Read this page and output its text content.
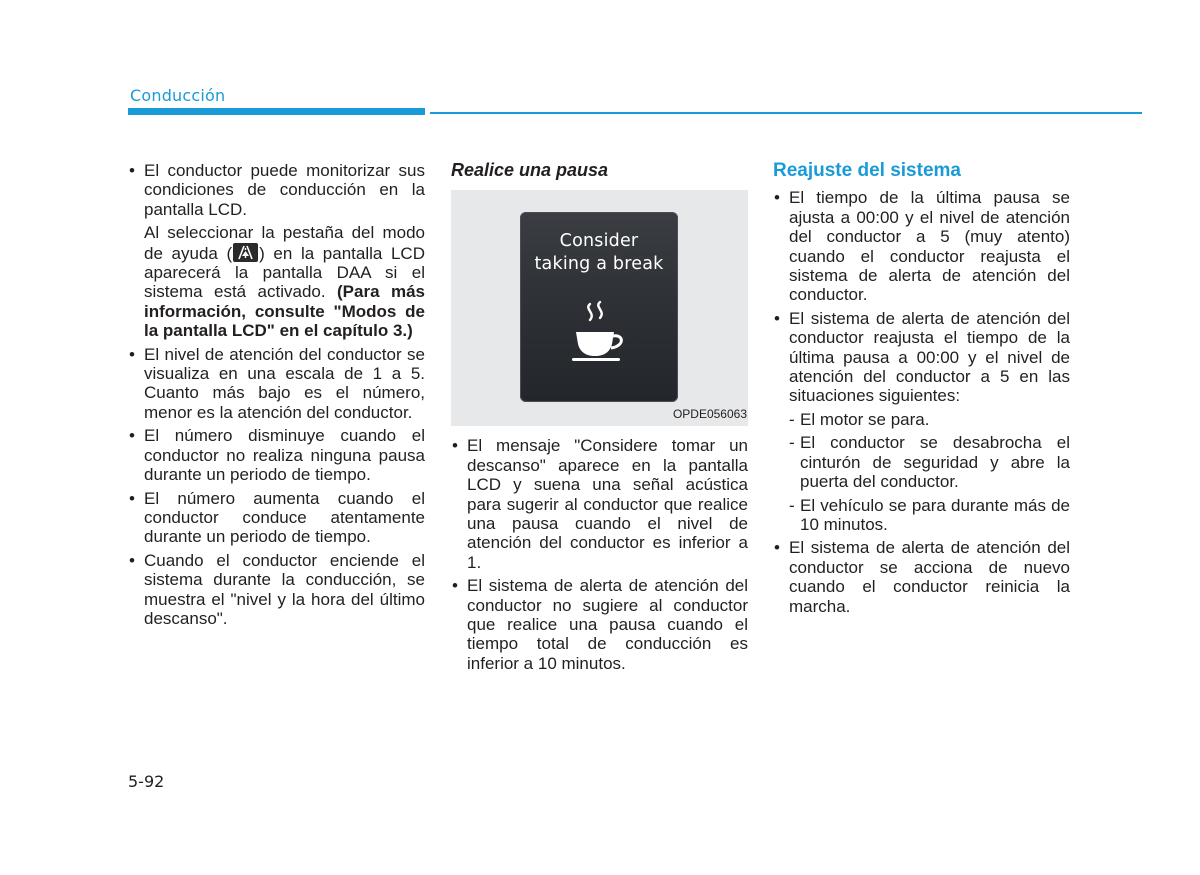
Conducción
• El conductor puede monitorizar sus condiciones de conducción en la pantalla LCD.
Al seleccionar la pestaña del modo de ayuda ( ) en la pantalla LCD aparecerá la pantalla DAA si el sistema está activado. (Para más información, consulte "Modos de la pantalla LCD" en el capítulo 3.)
• El nivel de atención del conductor se visualiza en una escala de 1 a 5. Cuanto más bajo es el número, menor es la atención del conductor.
• El número disminuye cuando el conductor no realiza ninguna pausa durante un periodo de tiempo.
• El número aumenta cuando el conductor conduce atentamente durante un periodo de tiempo.
• Cuando el conductor enciende el sistema durante la conducción, se muestra el "nivel y la hora del último descanso".
Realice una pausa
Consider
taking a break
OPDE056063
• El mensaje "Considere tomar un descanso" aparece en la pantalla LCD y suena una señal acústica para sugerir al conductor que realice una pausa cuando el nivel de atención del conductor es inferior a 1.
• El sistema de alerta de atención del conductor no sugiere al conductor que realice una pausa cuando el tiempo total de conducción es inferior a 10 minutos.
Reajuste del sistema
• El tiempo de la última pausa se ajusta a 00:00 y el nivel de atención del conductor a 5 (muy atento) cuando el conductor reajusta el sistema de alerta de atención del conductor.
• El sistema de alerta de atención del conductor reajusta el tiempo de la última pausa a 00:00 y el nivel de atención del conductor a 5 en las situaciones siguientes:
- El motor se para.
- El conductor se desabrocha el cinturón de seguridad y abre la puerta del conductor.
- El vehículo se para durante más de 10 minutos.
• El sistema de alerta de atención del conductor se acciona de nuevo cuando el conductor reinicia la marcha.
5-92
